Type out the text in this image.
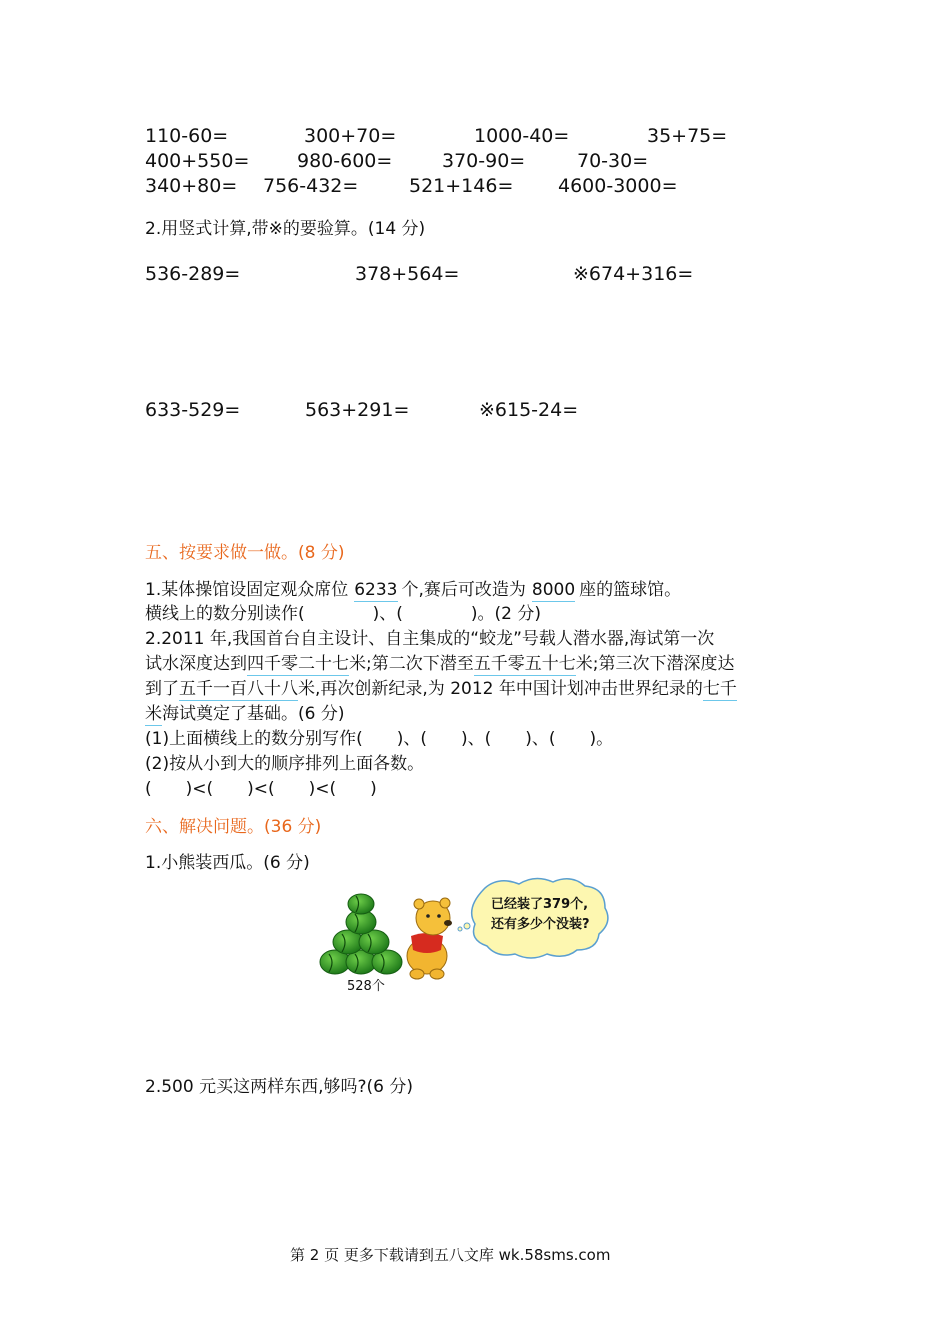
110-60=	300+70=	1000-40=	35+75=
400+550=	980-600=	370-90=	70-30=
340+80= 756-432=	521+146= 4600-3000=
2.用竖式计算,带※的要验算。(14 分)
536-289=	378+564=	※674+316=
633-529=	563+291=	※615-24=
五、按要求做一做。(8 分)
1.某体操馆设固定观众席位 6233 个,赛后可改造为 8000 座的篮球馆。
横线上的数分别读作(　　　　)、(　　　　)。(2 分)
2.2011 年,我国首台自主设计、自主集成的“蛟龙”号载人潜水器,海试第一次
试水深度达到四千零二十七米;第二次下潜至五千零五十七米;第三次下潜深度达
到了五千一百八十八米,再次创新纪录,为 2012 年中国计划冲击世界纪录的七千
米海试奠定了基础。(6 分)
(1)上面横线上的数分别写作(　　)、(　　)、(　　)、(　　)。
(2)按从小到大的顺序排列上面各数。
(　　)<(　　)<(　　)<(　　)
六、解决问题。(36 分)
1.小熊装西瓜。(6 分)
已经装了379个,
还有多少个没装?
528个
2.500 元买这两样东西,够吗?(6 分)
第 2 页 更多下载请到五八文库 wk.58sms.com
